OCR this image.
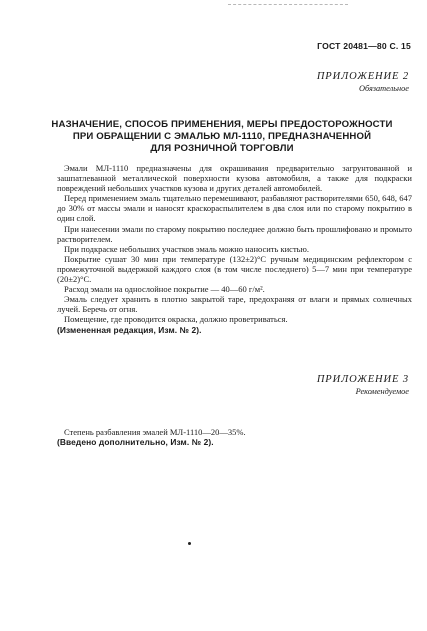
ГОСТ 20481—80 С. 15
ПРИЛОЖЕНИЕ 2
Обязательное
НАЗНАЧЕНИЕ, СПОСОБ ПРИМЕНЕНИЯ, МЕРЫ ПРЕДОСТОРОЖНОСТИ
ПРИ ОБРАЩЕНИИ С ЭМАЛЬЮ МЛ-1110, ПРЕДНАЗНАЧЕННОЙ
ДЛЯ РОЗНИЧНОЙ ТОРГОВЛИ

Эмали МЛ-1110 предназначены для окрашивания предварительно загрунтованной и зашпатлеванной металлической поверхности кузова автомобиля, а также для подкраски повреждений небольших участков кузова и других деталей автомобилей.

Перед применением эмаль тщательно перемешивают, разбавляют растворителями 650, 648, 647 до 30% от массы эмали и наносят краскораспылителем в два слоя или по старому покрытию в один слой.

При нанесении эмали по старому покрытию последнее должно быть прошлифовано и промыто растворителем.

При подкраске небольших участков эмаль можно наносить кистью.

Покрытие сушат 30 мин при температуре (132±2)°С ручным медицинским рефлектором с промежуточной выдержкой каждого слоя (в том числе последнего) 5—7 мин при температуре (20±2)°С.

Расход эмали на однослойное покрытие — 40—60 г/м².

Эмаль следует хранить в плотно закрытой таре, предохраняя от влаги и прямых солнечных лучей. Беречь от огня.

Помещение, где проводится окраска, должно проветриваться.

(Измененная редакция, Изм. № 2).
ПРИЛОЖЕНИЕ 3
Рекомендуемое

Степень разбавления эмалей МЛ-1110—20—35%.

(Введено дополнительно, Изм. № 2).
